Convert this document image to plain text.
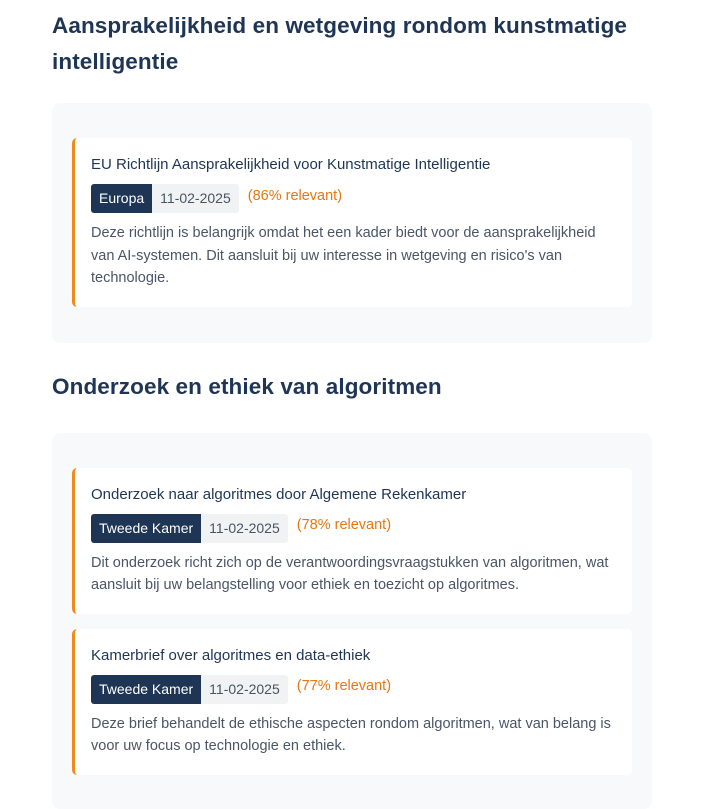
Aansprakelijkheid en wetgeving rondom kunstmatige intelligentie
EU Richtlijn Aansprakelijkheid voor Kunstmatige Intelligentie
Europa	11-02-2025	(86% relevant)

Deze richtlijn is belangrijk omdat het een kader biedt voor de aansprakelijkheid van AI-systemen. Dit aansluit bij uw interesse in wetgeving en risico's van technologie.

Onderzoek en ethiek van algoritmen
Onderzoek naar algoritmes door Algemene Rekenkamer
Tweede Kamer	11-02-2025	(78% relevant)

Dit onderzoek richt zich op de verantwoordingsvraagstukken van algoritmen, wat aansluit bij uw belangstelling voor ethiek en toezicht op algoritmes.

Kamerbrief over algoritmes en data-ethiek
Tweede Kamer	11-02-2025	(77% relevant)

Deze brief behandelt de ethische aspecten rondom algoritmen, wat van belang is voor uw focus op technologie en ethiek.
